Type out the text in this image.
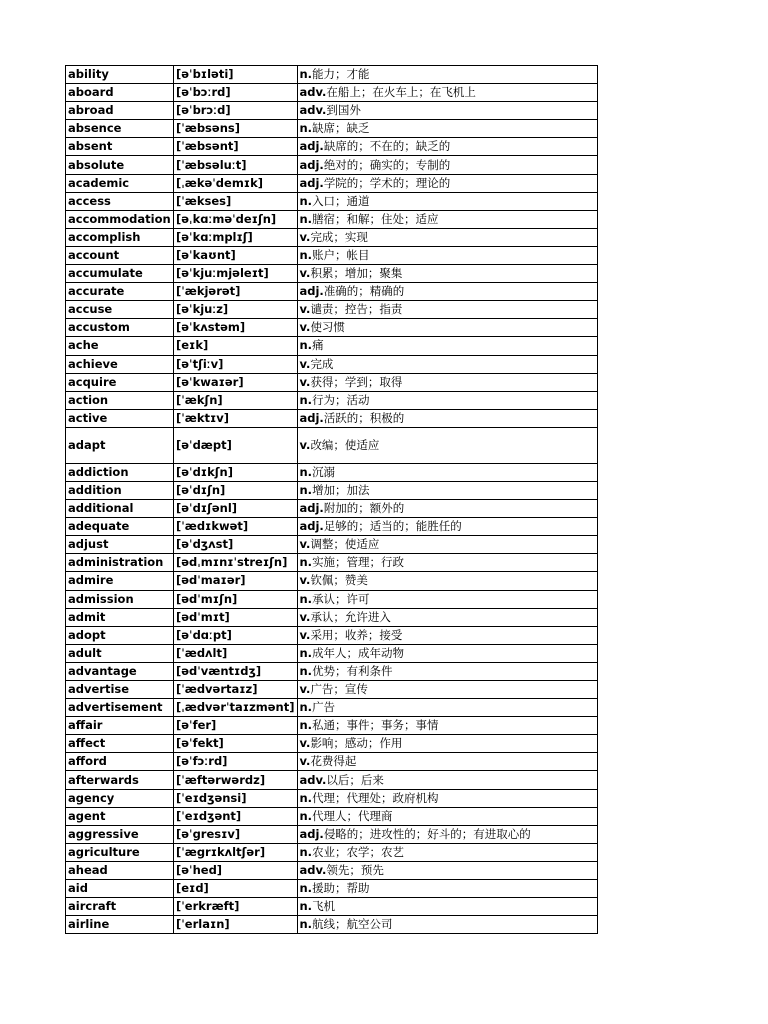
ability	[əˈbɪləti]	n.能力；才能
aboard	[əˈbɔːrd]	adv.在船上；在火车上；在飞机上
abroad	[əˈbrɔːd]	adv.到国外
absence	[ˈæbsəns]	n.缺席；缺乏
absent	[ˈæbsənt]	adj.缺席的；不在的；缺乏的
absolute	[ˈæbsəluːt]	adj.绝对的；确实的；专制的
academic	[ˌækəˈdemɪk]	adj.学院的；学术的；理论的
access	[ˈækses]	n.入口；通道
accommodation	[əˌkɑːməˈdeɪʃn]	n.膳宿；和解；住处；适应
accomplish	[əˈkɑːmplɪʃ]	v.完成；实现
account	[əˈkaʊnt]	n.账户；帐目
accumulate	[əˈkjuːmjəleɪt]	v.积累；增加；聚集
accurate	[ˈækjərət]	adj.准确的；精确的
accuse	[əˈkjuːz]	v.谴责；控告；指责
accustom	[əˈkʌstəm]	v.使习惯
ache	[eɪk]	n.痛
achieve	[əˈtʃiːv]	v.完成
acquire	[əˈkwaɪər]	v.获得；学到；取得
action	[ˈækʃn]	n.行为；活动
active	[ˈæktɪv]	adj.活跃的；积极的
adapt	[əˈdæpt]	v.改编；使适应
addiction	[əˈdɪkʃn]	n.沉溺
addition	[əˈdɪʃn]	n.增加；加法
additional	[əˈdɪʃənl]	adj.附加的；额外的
adequate	[ˈædɪkwət]	adj.足够的；适当的；能胜任的
adjust	[əˈdʒʌst]	v.调整；使适应
administration	[ədˌmɪnɪˈstreɪʃn]	n.实施；管理；行政
admire	[ədˈmaɪər]	v.钦佩；赞美
admission	[ədˈmɪʃn]	n.承认；许可
admit	[ədˈmɪt]	v.承认；允许进入
adopt	[əˈdɑːpt]	v.采用；收养；接受
adult	[ˈædʌlt]	n.成年人；成年动物
advantage	[ədˈvæntɪdʒ]	n.优势；有利条件
advertise	[ˈædvərtaɪz]	v.广告；宣传
advertisement	[ˌædvərˈtaɪzmənt]	n.广告
affair	[əˈfer]	n.私通；事件；事务；事情
affect	[əˈfekt]	v.影响；感动；作用
afford	[əˈfɔːrd]	v.花费得起
afterwards	[ˈæftərwərdz]	adv.以后；后来
agency	[ˈeɪdʒənsi]	n.代理；代理处；政府机构
agent	[ˈeɪdʒənt]	n.代理人；代理商
aggressive	[əˈgresɪv]	adj.侵略的；进攻性的；好斗的；有进取心的
agriculture	[ˈægrɪkʌltʃər]	n.农业；农学；农艺
ahead	[əˈhed]	adv.领先；预先
aid	[eɪd]	n.援助；帮助
aircraft	[ˈerkræft]	n.飞机
airline	[ˈerlaɪn]	n.航线；航空公司
